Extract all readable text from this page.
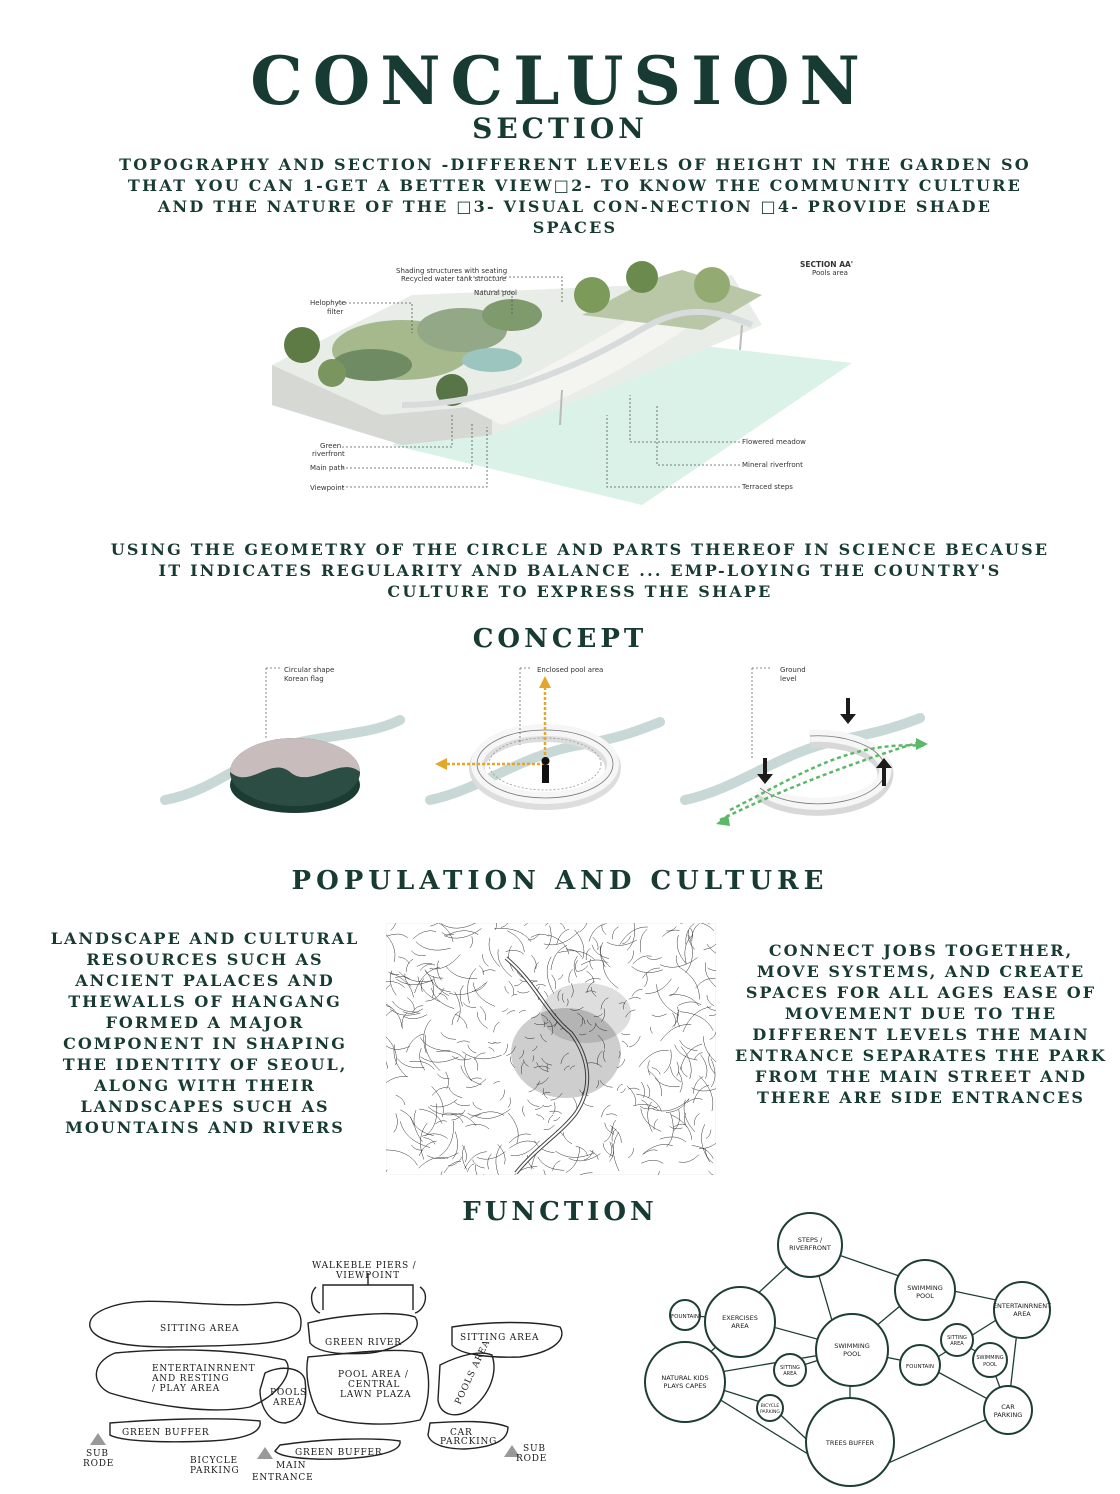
CONCLUSION
SECTION
TOPOGRAPHY AND SECTION -DIFFERENT LEVELS OF HEIGHT IN THE GARDEN SO THAT YOU CAN 1-GET A BETTER VIEW□2- TO KNOW THE COMMUNITY CULTURE AND THE NATURE OF THE □3- VISUAL CON-NECTION □4- PROVIDE SHADE SPACES
Shading structures with seating
Recycled water tank structure
Natural pool
Helophyte
filter
Green
riverfront
Main path
Viewpoint
Flowered meadow
Mineral riverfront
Terraced steps
SECTION AA'
Pools area
USING THE GEOMETRY OF THE CIRCLE AND PARTS THEREOF IN SCIENCE BECAUSE IT INDICATES REGULARITY AND BALANCE ... EMP-LOYING THE COUNTRY'S CULTURE TO EXPRESS THE SHAPE
CONCEPT
Circular shape
Korean flag
Enclosed pool area	Ground
level
POPULATION AND CULTURE
LANDSCAPE AND CULTURAL RESOURCES SUCH AS ANCIENT PALACES AND THEWALLS OF HANGANG FORMED A MAJOR COMPONENT IN SHAPING THE IDENTITY OF SEOUL, ALONG WITH THEIR LANDSCAPES SUCH AS MOUNTAINS AND RIVERS
CONNECT JOBS TOGETHER, MOVE SYSTEMS, AND CREATE SPACES FOR ALL AGES EASE OF MOVEMENT DUE TO THE DIFFERENT LEVELS THE MAIN ENTRANCE SEPARATES THE PARK FROM THE MAIN STREET AND THERE ARE SIDE ENTRANCES
FUNCTION
WALKEBLE PIERS /
VIEWPOINT
SITTING AREA
SITTING AREA
GREEN RIVER
ENTERTAINRNENT
AND RESTING
/ PLAY AREA
POOL AREA /
CENTRAL
LAWN PLAZA
POOLS
AREA	POOLS AREA
GREEN BUFFER
GREEN BUFFER
CAR
PARCKING
SUB
RODE
SUB
RODE
BICYCLE
PARKING	MAIN
ENTRANCE
STEPS /
RIVERFRONT
SWIMMING
POOL
ENTERTAINRNENT
AREA
FOUNTAIN	EXERCISES
AREA
SWIMMING
POOL
SITTING
AREA
SWIMMING
POOL
FOUNTAIN
SITTING
AREA
NATURAL KIDS
PLAYS CAPES
BICYCLE
PARKING
TREES BUFFER
CAR
PARKING
